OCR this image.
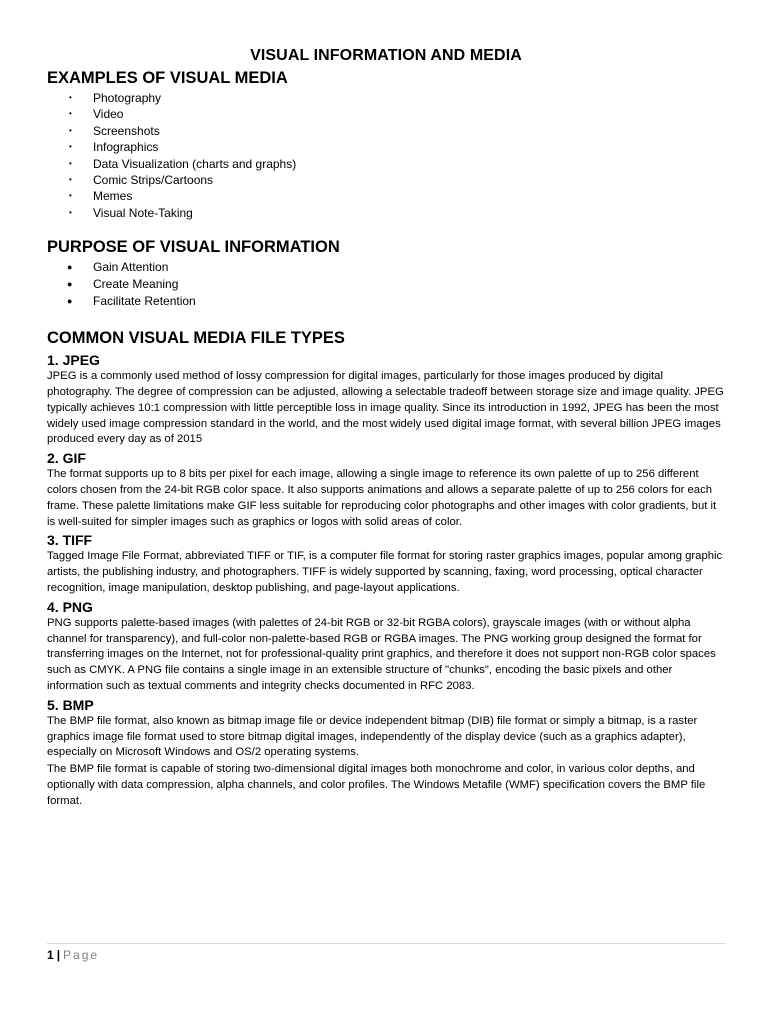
VISUAL INFORMATION AND MEDIA
EXAMPLES OF VISUAL MEDIA
• Photography
• Video
• Screenshots
• Infographics
• Data Visualization (charts and graphs)
• Comic Strips/Cartoons
• Memes
• Visual Note-Taking
PURPOSE OF VISUAL INFORMATION
● Gain Attention
● Create Meaning
● Facilitate Retention
COMMON VISUAL MEDIA FILE TYPES
1. JPEG

JPEG is a commonly used method of lossy compression for digital images, particularly for those images produced by digital photography. The degree of compression can be adjusted, allowing a selectable tradeoff between storage size and image quality. JPEG typically achieves 10:1 compression with little perceptible loss in image quality. Since its introduction in 1992, JPEG has been the most widely used image compression standard in the world, and the most widely used digital image format, with several billion JPEG images produced every day as of 2015

2. GIF

The format supports up to 8 bits per pixel for each image, allowing a single image to reference its own palette of up to 256 different colors chosen from the 24-bit RGB color space. It also supports animations and allows a separate palette of up to 256 colors for each frame. These palette limitations make GIF less suitable for reproducing color photographs and other images with color gradients, but it is well-suited for simpler images such as graphics or logos with solid areas of color.

3. TIFF

Tagged Image File Format, abbreviated TIFF or TIF, is a computer file format for storing raster graphics images, popular among graphic artists, the publishing industry, and photographers. TIFF is widely supported by scanning, faxing, word processing, optical character recognition, image manipulation, desktop publishing, and page-layout applications.

4. PNG

PNG supports palette-based images (with palettes of 24-bit RGB or 32-bit RGBA colors), grayscale images (with or without alpha channel for transparency), and full-color non-palette-based RGB or RGBA images. The PNG working group designed the format for transferring images on the Internet, not for professional-quality print graphics, and therefore it does not support non-RGB color spaces such as CMYK. A PNG file contains a single image in an extensible structure of "chunks", encoding the basic pixels and other information such as textual comments and integrity checks documented in RFC 2083.

5. BMP

The BMP file format, also known as bitmap image file or device independent bitmap (DIB) file format or simply a bitmap, is a raster graphics image file format used to store bitmap digital images, independently of the display device (such as a graphics adapter), especially on Microsoft Windows and OS/2 operating systems.

The BMP file format is capable of storing two-dimensional digital images both monochrome and color, in various color depths, and optionally with data compression, alpha channels, and color profiles. The Windows Metafile (WMF) specification covers the BMP file format.

1 | Page
